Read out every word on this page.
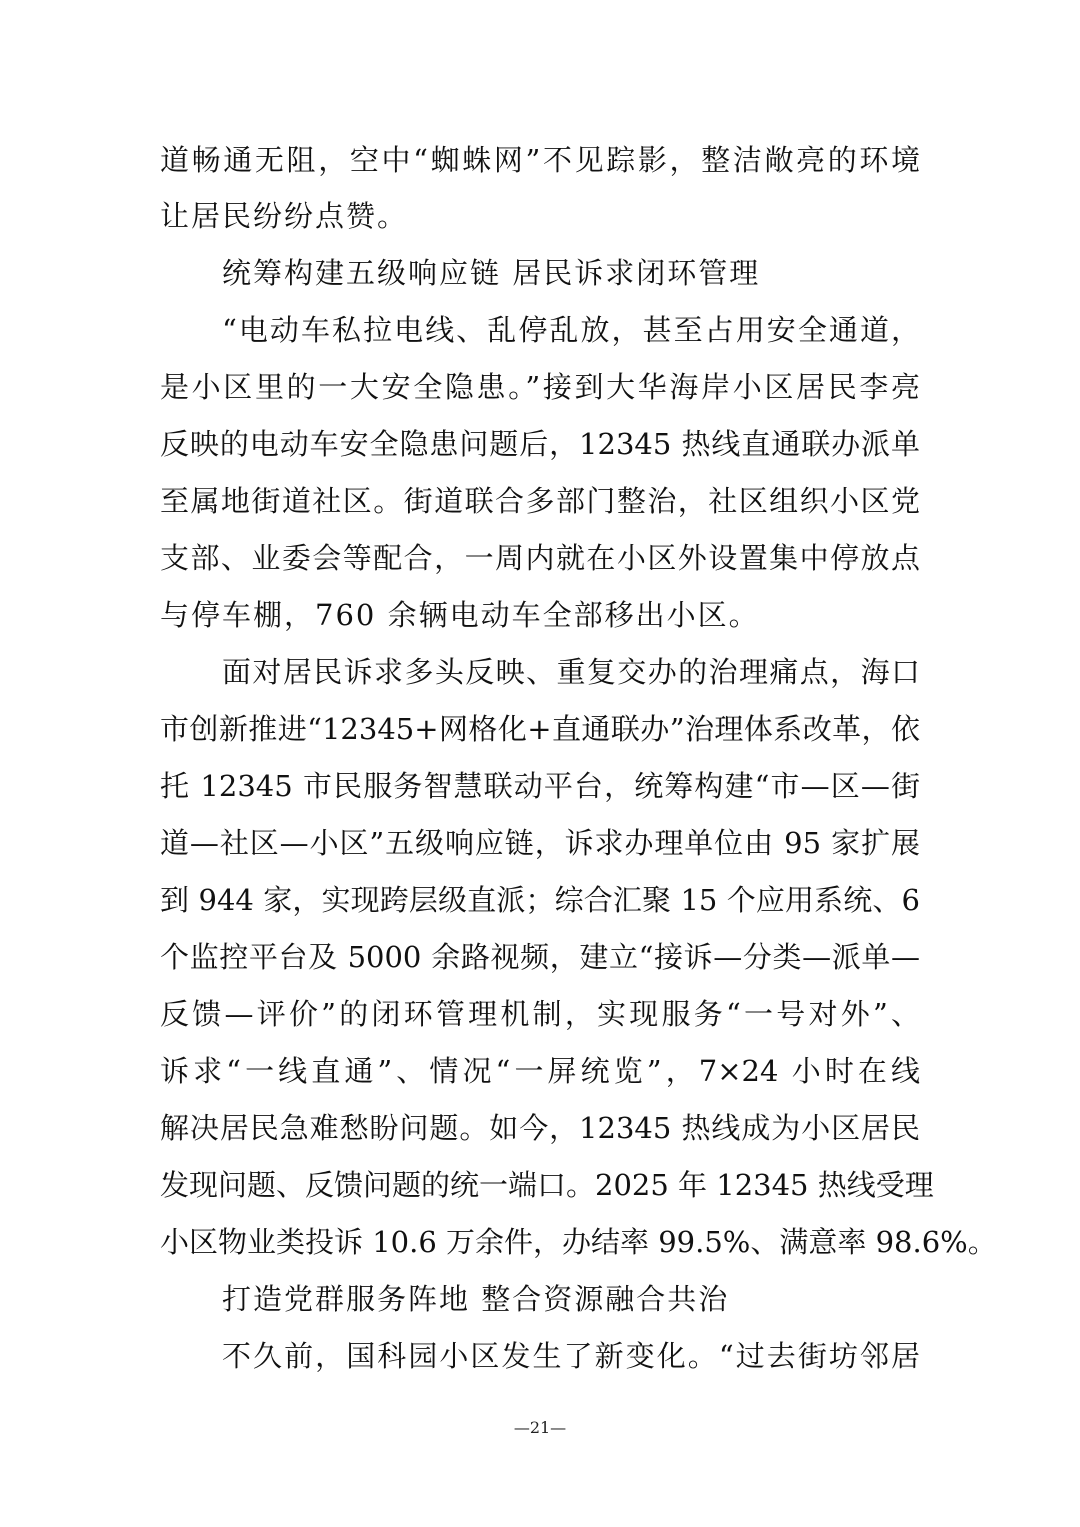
道畅通无阻，空中“蜘蛛网”不见踪影，整洁敞亮的环境
让居民纷纷点赞。
统筹构建五级响应链 居民诉求闭环管理
“电动车私拉电线、乱停乱放，甚至占用安全通道，
是小区里的一大安全隐患。”接到大华海岸小区居民李亮
反映的电动车安全隐患问题后，12345 热线直通联办派单
至属地街道社区。街道联合多部门整治，社区组织小区党
支部、业委会等配合，一周内就在小区外设置集中停放点
与停车棚，760 余辆电动车全部移出小区。
面对居民诉求多头反映、重复交办的治理痛点，海口
市创新推进“12345+网格化+直通联办”治理体系改革，依
托 12345 市民服务智慧联动平台，统筹构建“市—区—街
道—社区—小区”五级响应链，诉求办理单位由 95 家扩展
到 944 家，实现跨层级直派；综合汇聚 15 个应用系统、6
个监控平台及 5000 余路视频，建立“接诉—分类—派单—
反馈—评价”的闭环管理机制，实现服务“一号对外”、
诉求“一线直通”、情况“一屏统览”，7×24 小时在线
解决居民急难愁盼问题。如今，12345 热线成为小区居民
发现问题、反馈问题的统一端口。2025 年 12345 热线受理
小区物业类投诉 10.6 万余件，办结率 99.5%、满意率 98.6%。
打造党群服务阵地 整合资源融合共治
不久前，国科园小区发生了新变化。“过去街坊邻居
—21—
